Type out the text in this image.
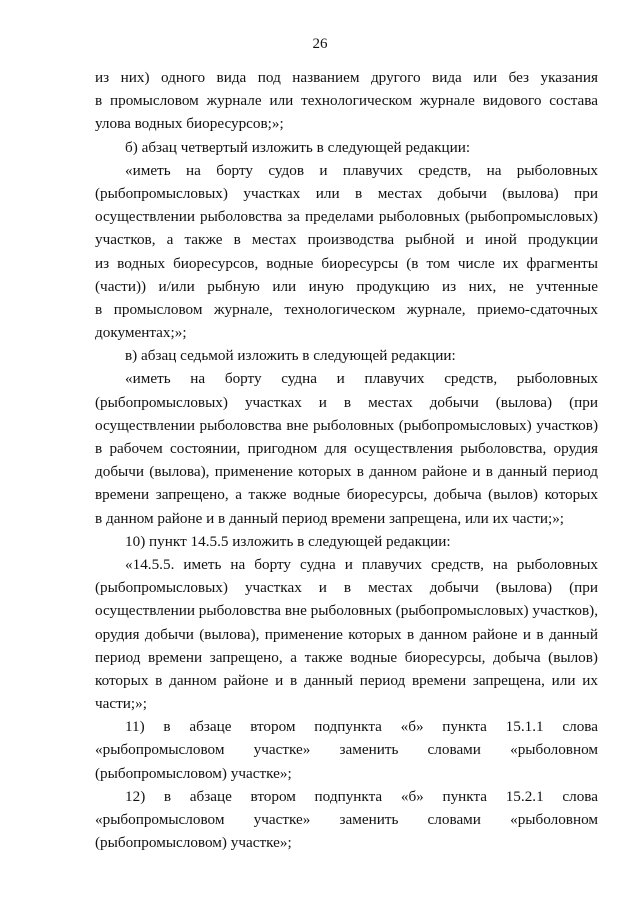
26
из них) одного вида под названием другого вида или без указания
в промысловом журнале или технологическом журнале видового состава
улова водных биоресурсов;»;
б) абзац четвертый изложить в следующей редакции:
«иметь на борту судов и плавучих средств, на рыболовных
(рыбопромысловых) участках или в местах добычи (вылова) при
осуществлении рыболовства за пределами рыболовных (рыбопромысловых)
участков, а также в местах производства рыбной и иной продукции
из водных биоресурсов, водные биоресурсы (в том числе их фрагменты
(части)) и/или рыбную или иную продукцию из них, не учтенные
в промысловом журнале, технологическом журнале, приемо-сдаточных
документах;»;
в) абзац седьмой изложить в следующей редакции:
«иметь на борту судна и плавучих средств, рыболовных
(рыбопромысловых) участках и в местах добычи (вылова) (при
осуществлении рыболовства вне рыболовных (рыбопромысловых) участков)
в рабочем состоянии, пригодном для осуществления рыболовства, орудия
добычи (вылова), применение которых в данном районе и в данный период
времени запрещено, а также водные биоресурсы, добыча (вылов) которых
в данном районе и в данный период времени запрещена, или их части;»;
10) пункт 14.5.5 изложить в следующей редакции:
«14.5.5. иметь на борту судна и плавучих средств, на рыболовных
(рыбопромысловых) участках и в местах добычи (вылова) (при
осуществлении рыболовства вне рыболовных (рыбопромысловых) участков),
орудия добычи (вылова), применение которых в данном районе и в данный
период времени запрещено, а также водные биоресурсы, добыча (вылов)
которых в данном районе и в данный период времени запрещена, или их
части;»;
11) в абзаце втором подпункта «б» пункта 15.1.1 слова
«рыбопромысловом участке» заменить словами «рыболовном
(рыбопромысловом) участке»;
12) в абзаце втором подпункта «б» пункта 15.2.1 слова
«рыбопромысловом участке» заменить словами «рыболовном
(рыбопромысловом) участке»;
